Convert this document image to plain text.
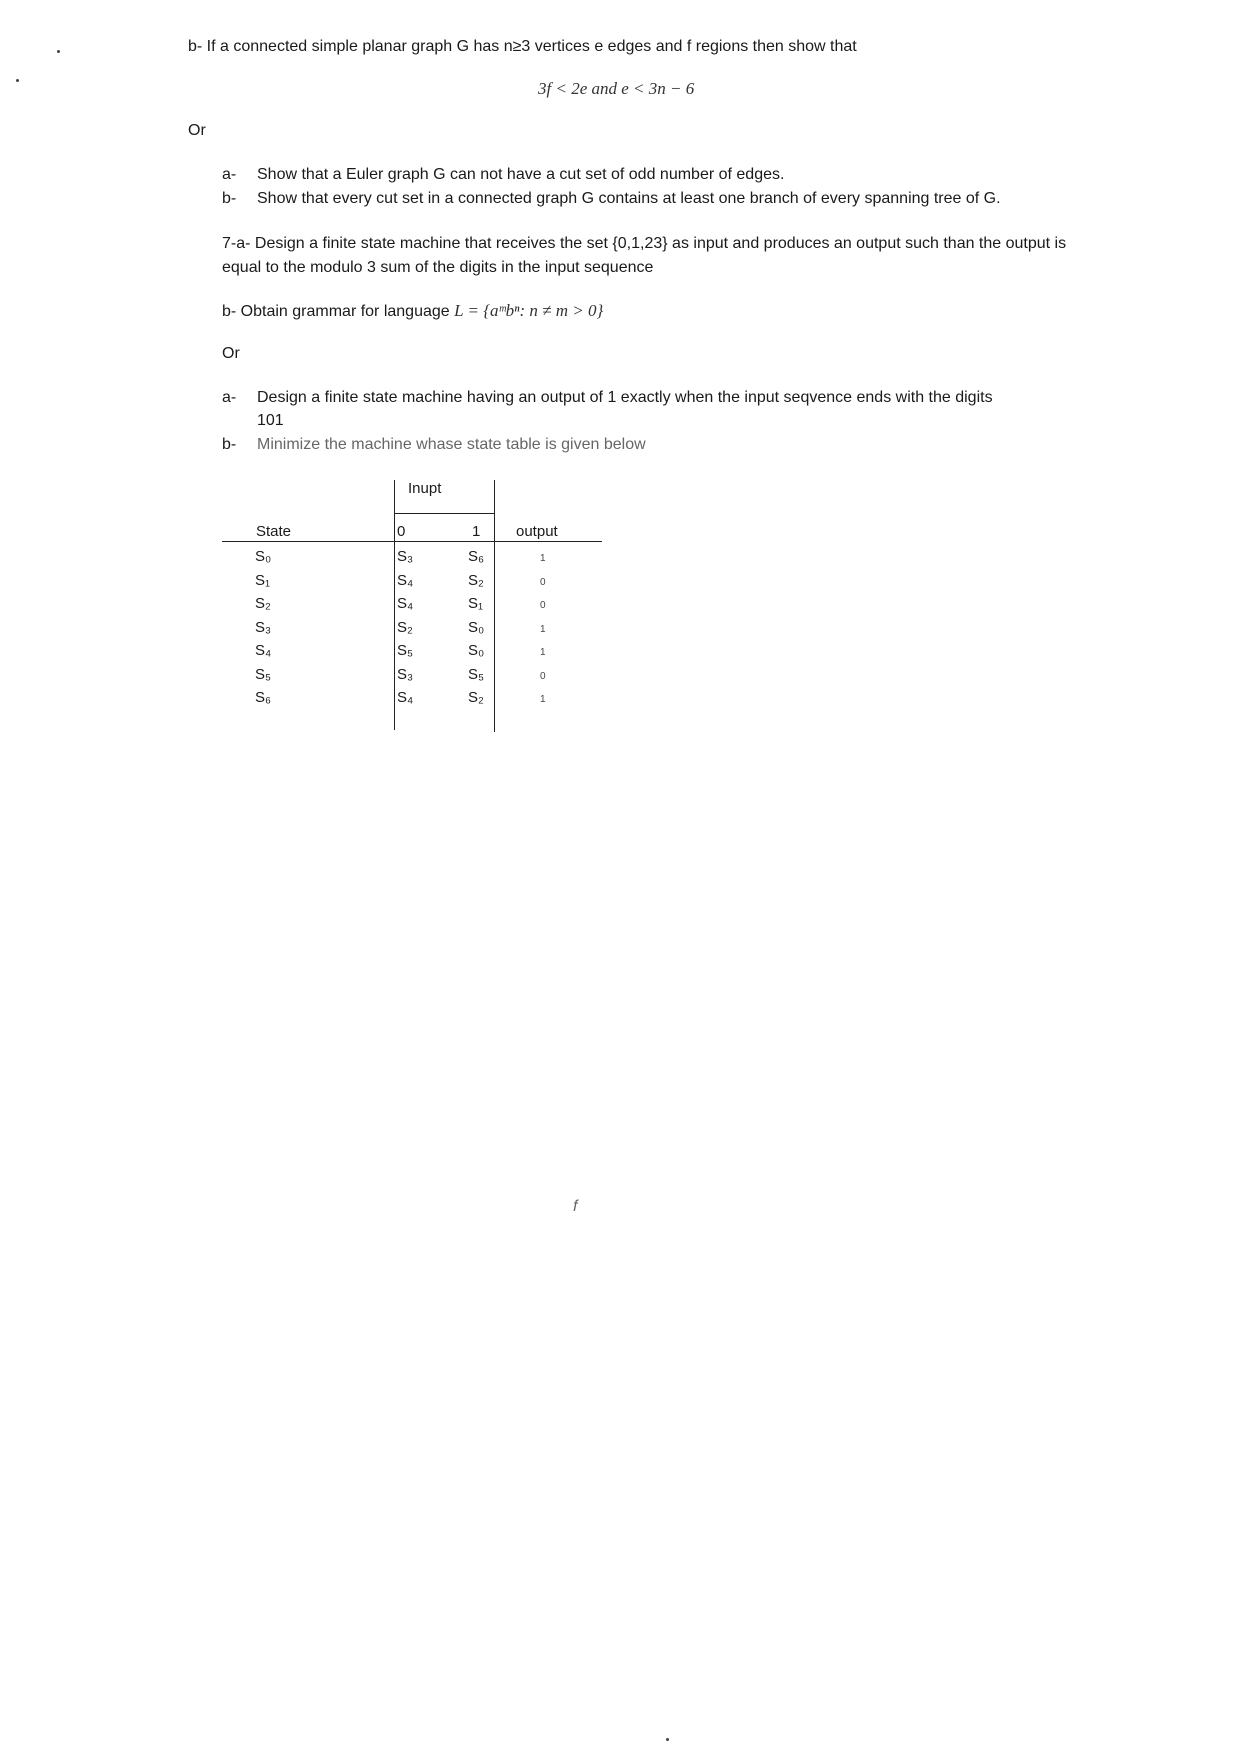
b- If a connected simple planar graph G has n≥3 vertices e edges and f regions then show that
3f < 2e and e < 3n − 6
Or
a- Show that a Euler graph G can not have a cut set of odd number of edges.
b- Show that every cut set in a connected graph G contains at least one branch of every spanning tree of G.
7-a- Design a finite state machine that receives the set {0,1,23} as input and produces an output such than the output is equal to the modulo 3 sum of the digits in the input sequence
b- Obtain grammar for language L = {aᵐbⁿ: n ≠ m > 0}
Or
a- Design a finite state machine having an output of 1 exactly when the input seqvence ends with the digits
101
b- Minimize the machine whase state table is given below
Inupt
State	0	1 output
S₀	S₃	S₆	1
S₁	S₄	S₂	0
S₂	S₄	S₁	0
S₃	S₂	S₀	1
S₄	S₅	S₀	1
S₅	S₃	S₅	0
S₆	S₄	S₂	1
f
